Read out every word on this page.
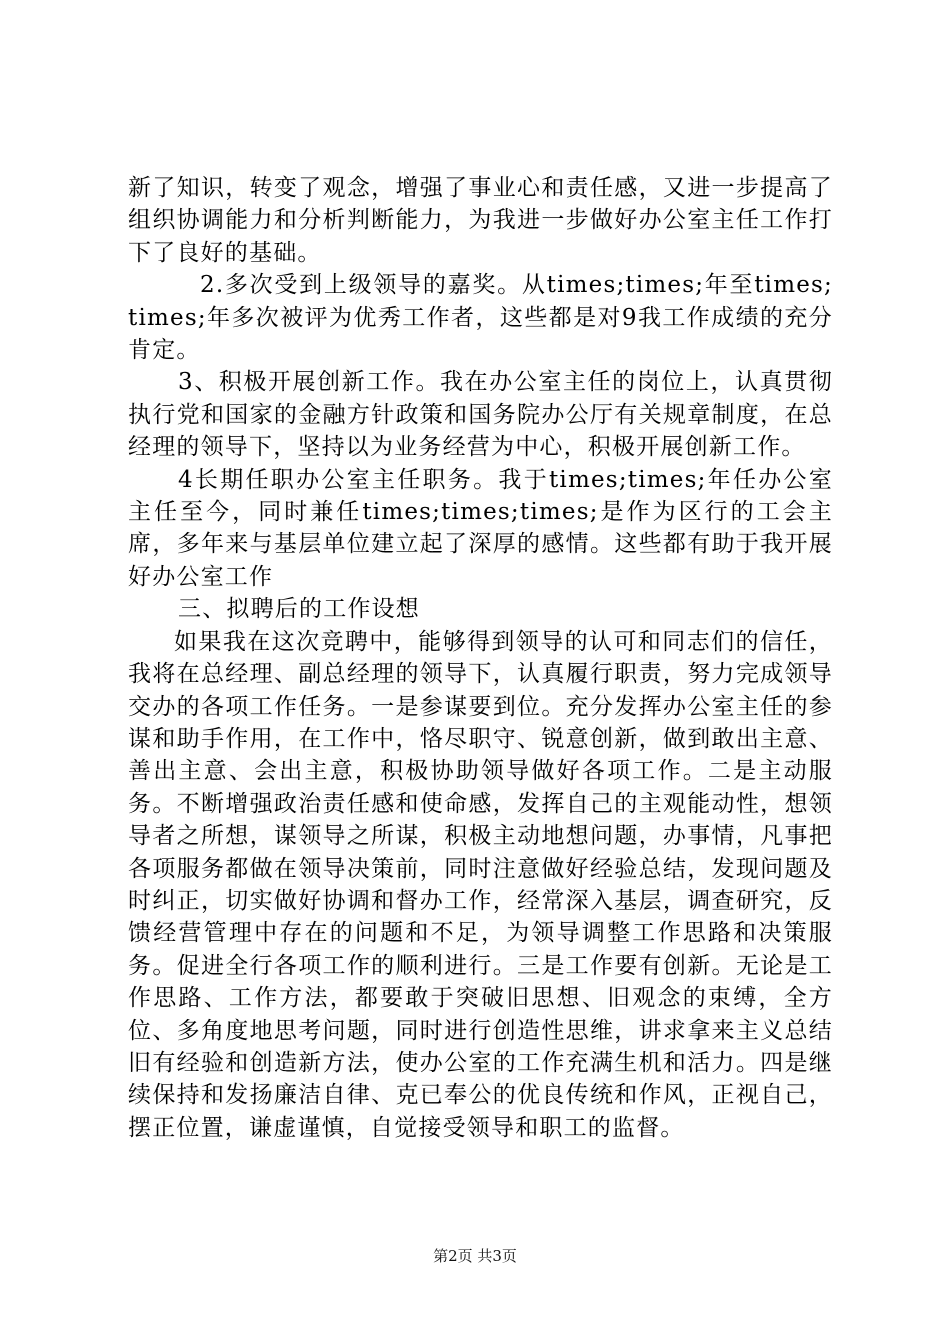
新了知识，转变了观念，增强了事业心和责任感，又进一步提高了组织协调能力和分析判断能力，为我进一步做好办公室主任工作打下了良好的基础。

2.多次受到上级领导的嘉奖。从times;times;年至times;times;年多次被评为优秀工作者，这些都是对9我工作成绩的充分肯定。

3、积极开展创新工作。我在办公室主任的岗位上，认真贯彻执行党和国家的金融方针政策和国务院办公厅有关规章制度，在总经理的领导下，坚持以为业务经营为中心，积极开展创新工作。

4长期任职办公室主任职务。我于times;times;年任办公室主任至今，同时兼任times;times;times;是作为区行的工会主席，多年来与基层单位建立起了深厚的感情。这些都有助于我开展好办公室工作

三、拟聘后的工作设想

如果我在这次竞聘中，能够得到领导的认可和同志们的信任，我将在总经理、副总经理的领导下，认真履行职责，努力完成领导交办的各项工作任务。一是参谋要到位。充分发挥办公室主任的参谋和助手作用，在工作中，恪尽职守、锐意创新，做到敢出主意、善出主意、会出主意，积极协助领导做好各项工作。二是主动服务。不断增强政治责任感和使命感，发挥自己的主观能动性，想领导者之所想，谋领导之所谋，积极主动地想问题，办事情，凡事把各项服务都做在领导决策前，同时注意做好经验总结，发现问题及时纠正，切实做好协调和督办工作，经常深入基层，调查研究，反馈经营管理中存在的问题和不足，为领导调整工作思路和决策服务。促进全行各项工作的顺利进行。三是工作要有创新。无论是工作思路、工作方法，都要敢于突破旧思想、旧观念的束缚，全方位、多角度地思考问题，同时进行创造性思维，讲求拿来主义总结旧有经验和创造新方法，使办公室的工作充满生机和活力。四是继续保持和发扬廉洁自律、克已奉公的优良传统和作风，正视自己，摆正位置，谦虚谨慎，自觉接受领导和职工的监督。

第2页 共3页
